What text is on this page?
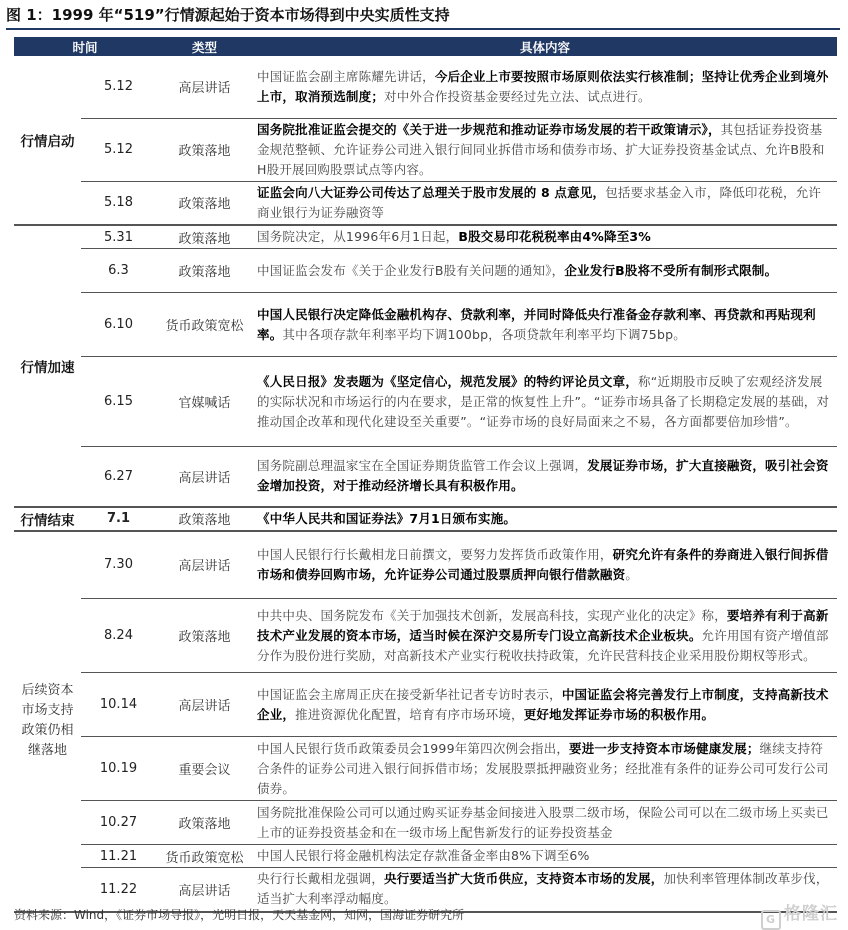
图 1：1999 年“519”行情源起始于资本市场得到中央实质性支持
时间		类型	具体内容
行情启动	5.12	高层讲话	中国证监会副主席陈耀先讲话，今后企业上市要按照市场原则依法实行核准制；坚持让优秀企业到境外上市，取消预选制度；对中外合作投资基金要经过先立法、试点进行。
	5.12	政策落地	国务院批准证监会提交的《关于进一步规范和推动证券市场发展的若干政策请示》，其包括证券投资基金规范整顿、允许证券公司进入银行间同业拆借市场和债券市场、扩大证券投资基金试点、允许B股和H股开展回购股票试点等内容。
	5.18	政策落地	证监会向八大证券公司传达了总理关于股市发展的 8 点意见，包括要求基金入市，降低印花税，允许商业银行为证券融资等
行情加速	5.31	政策落地	国务院决定，从1996年6月1日起，B股交易印花税税率由4%降至3%
	6.3	政策落地	中国证监会发布《关于企业发行B股有关问题的通知》，企业发行B股将不受所有制形式限制。
	6.10	货币政策宽松	中国人民银行决定降低金融机构存、贷款利率，并同时降低央行准备金存款利率、再贷款和再贴现利率。其中各项存款年利率平均下调100bp，各项贷款年利率平均下调75bp。
	6.15	官媒喊话	《人民日报》发表题为《坚定信心，规范发展》的特约评论员文章，称“近期股市反映了宏观经济发展的实际状况和市场运行的内在要求，是正常的恢复性上升”。“证券市场具备了长期稳定发展的基础，对推动国企改革和现代化建设至关重要”。“证券市场的良好局面来之不易，各方面都要倍加珍惜”。
	6.27	高层讲话	国务院副总理温家宝在全国证券期货监管工作会议上强调，发展证券市场，扩大直接融资，吸引社会资金增加投资，对于推动经济增长具有积极作用。
行情结束	7.1	政策落地	《中华人民共和国证券法》7月1日颁布实施。

后续资本市场支持政策仍相继落地	7.30	高层讲话	中国人民银行行长戴相龙日前撰文，要努力发挥货币政策作用，研究允许有条件的券商进入银行间拆借市场和债券回购市场，允许证券公司通过股票质押向银行借款融资。
	8.24	政策落地	中共中央、国务院发布《关于加强技术创新，发展高科技，实现产业化的决定》称，要培养有利于高新技术产业发展的资本市场，适当时候在深沪交易所专门设立高新技术企业板块。允许用国有资产增值部分作为股份进行奖励，对高新技术产业实行税收扶持政策，允许民营科技企业采用股份期权等形式。
	10.14	高层讲话	中国证监会主席周正庆在接受新华社记者专访时表示，中国证监会将完善发行上市制度，支持高新技术企业，推进资源优化配置，培育有序市场环境，更好地发挥证券市场的积极作用。
	10.19	重要会议	中国人民银行货币政策委员会1999年第四次例会指出，要进一步支持资本市场健康发展；继续支持符合条件的证券公司进入银行间拆借市场；发展股票抵押融资业务；经批准有条件的证券公司可发行公司债券。
	10.27	政策落地	国务院批准保险公司可以通过购买证券基金间接进入股票二级市场，保险公司可以在二级市场上买卖已上市的证券投资基金和在一级市场上配售新发行的证券投资基金
	11.21	货币政策宽松	中国人民银行将金融机构法定存款准备金率由8%下调至6%
	11.22	高层讲话	央行行长戴相龙强调，央行要适当扩大货币供应，支持资本市场的发展，加快利率管理体制改革步伐，适当扩大利率浮动幅度。
资料来源：Wind，《证券市场导报》，光明日报，天天基金网，知网，国海证券研究所	G 格隆汇
